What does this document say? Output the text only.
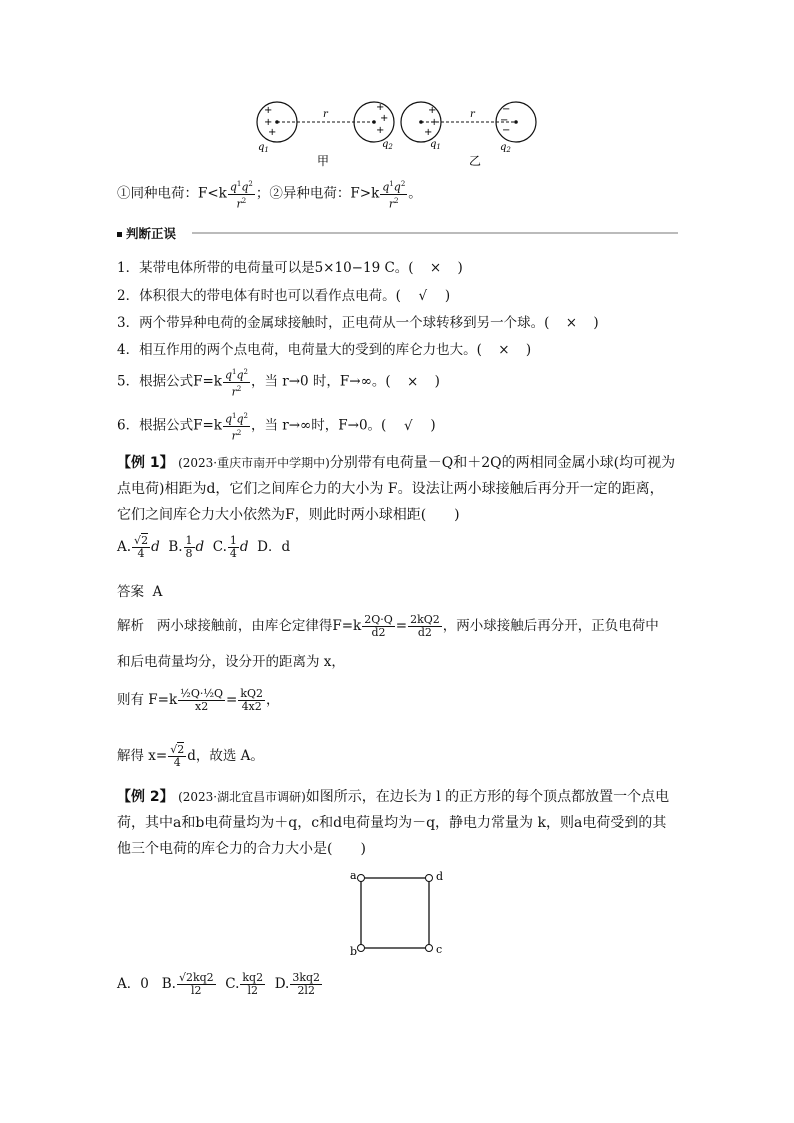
+
+
+
+
+
+
+
+
+
−
−
−
r	r
$q_1$	$q_2$	$q_1$	$q_2$
甲	乙
①同种电荷：$F<k \frac{q^1q^2}{r^2}$ ；②异种电荷：$F>k \frac{q^1q^2}{r^2}$ 。
判断正误
1．某带电体所带的电荷量可以是5×10−19 C。( × )
2．体积很大的带电体有时也可以看作点电荷。( √ )
3．两个带异种电荷的金属球接触时，正电荷从一个球转移到另一个球。( × )
4．相互作用的两个点电荷，电荷量大的受到的库仑力也大。( × )
5．根据公式$F=k \frac{q^1q^2}{r^2}$ ，当 r→0 时，F→∞。( × )
6．根据公式$F=k \frac{q^1q^2}{r^2}$ ，当 r→∞时，F→0。( √ )
【例 1】 (2023·重庆市南开中学期中)分别带有电荷量－Q和＋2Q的两相同金属小球(均可视为点电荷)相距为d，它们之间库仑力的大小为 F。设法让两小球接触后再分开一定的距离，它们之间库仑力大小依然为F，则此时两小球相距(　　)
A. $\frac{√2}{4}$ d B. $\frac{1}{8}$ d C. $\frac{1}{4}$ d D．d
答案 A
解析 两小球接触前，由库仑定律得$F=k \frac{2Q\cdot Q}{d2} = \frac{2kQ2}{d2}$ ，两小球接触后再分开，正负电荷中
和后电荷量均分，设分开的距离为 x，
则有 $F=k \frac{\text{½Q·½Q}}{x2} = \frac{kQ2}{4x2}$ ，
解得 $x= \frac{√2}{4}$ d，故选 A。
【例 2】 (2023·湖北宜昌市调研)如图所示，在边长为 l 的正方形的每个顶点都放置一个点电荷，其中a和b电荷量均为＋q，c和d电荷量均为－q，静电力常量为 k，则a电荷受到的其他三个电荷的库仑力的合力大小是(　　)
a	d
b	c
A．0 B. $\frac{√2kq2}{l2} C$. $\frac{kq2}{l2} D$. $\frac{3kq2}{2l2}$
